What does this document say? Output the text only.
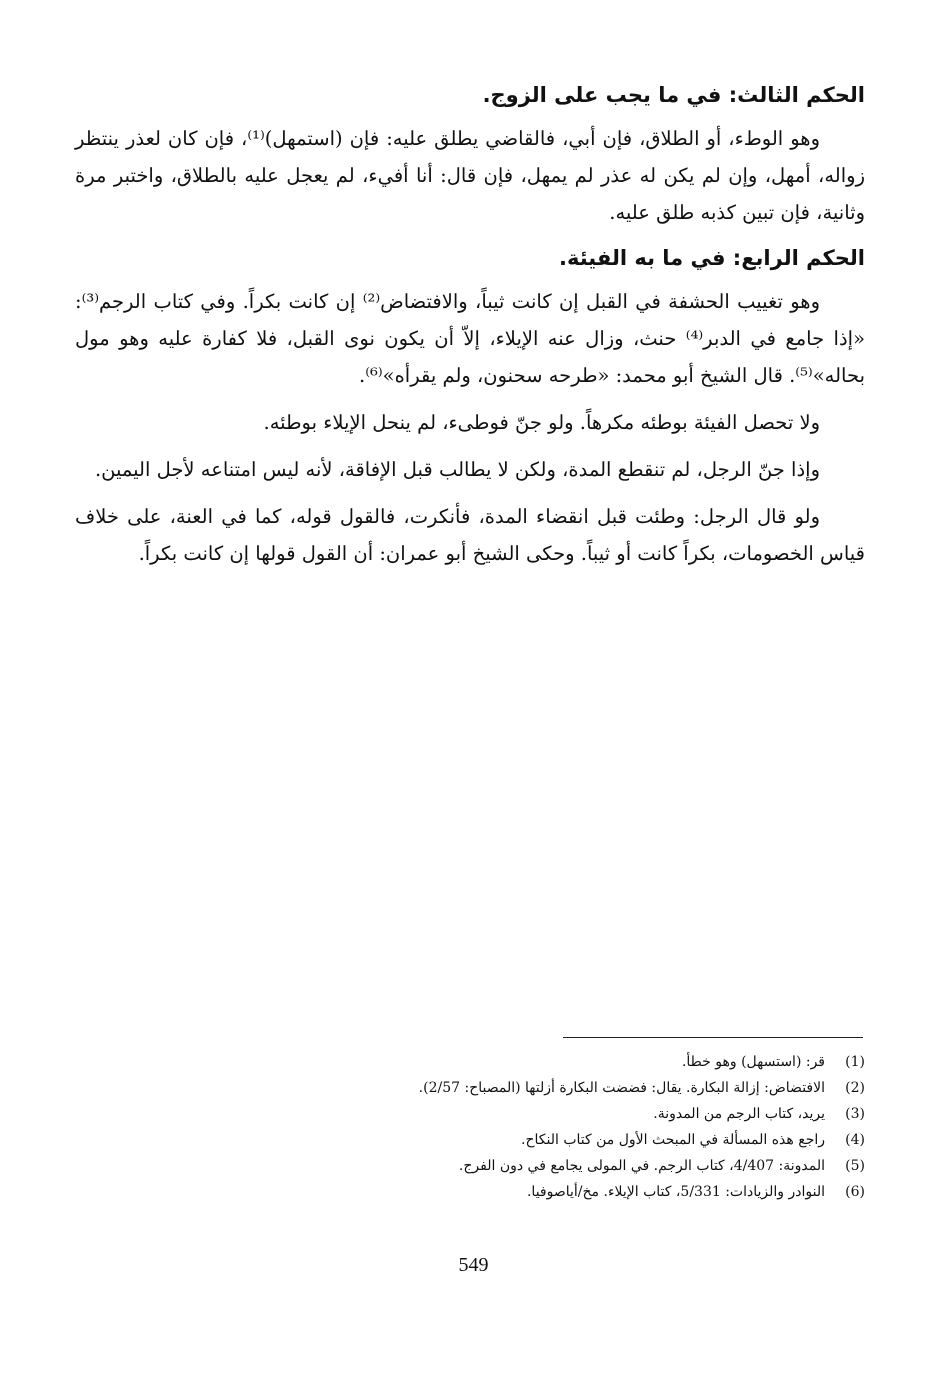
الحكم الثالث: في ما يجب على الزوج.

وهو الوطء، أو الطلاق، فإن أبي، فالقاضي يطلق عليه: فإن (استمهل)⁽¹⁾، فإن كان لعذر ينتظر زواله، أمهل، وإن لم يكن له عذر لم يمهل، فإن قال: أنا أفيء، لم يعجل عليه بالطلاق، واختبر مرة وثانية، فإن تبين كذبه طلق عليه.

الحكم الرابع: في ما به الفيئة.

وهو تغييب الحشفة في القبل إن كانت ثيباً، والافتضاض⁽²⁾ إن كانت بكراً. وفي كتاب الرجم⁽³⁾: «إذا جامع في الدبر⁽⁴⁾ حنث، وزال عنه الإيلاء، إلاّ أن يكون نوى القبل، فلا كفارة عليه وهو مول بحاله»⁽⁵⁾. قال الشيخ أبو محمد: «طرحه سحنون، ولم يقرأه»⁽⁶⁾.

ولا تحصل الفيئة بوطئه مكرهاً. ولو جنّ فوطىء، لم ينحل الإيلاء بوطئه.

وإذا جنّ الرجل، لم تنقطع المدة، ولكن لا يطالب قبل الإفاقة، لأنه ليس امتناعه لأجل اليمين.

ولو قال الرجل: وطئت قبل انقضاء المدة، فأنكرت، فالقول قوله، كما في العنة، على خلاف قياس الخصومات، بكراً كانت أو ثيباً. وحكى الشيخ أبو عمران: أن القول قولها إن كانت بكراً.

(1)
قر: (استسهل) وهو خطأ.
(2)
الافتضاض: إزالة البكارة. يقال: فضضت البكارة أزلتها (المصباح: 2/57).
(3)
يريد، كتاب الرجم من المدونة.
(4)
راجع هذه المسألة في المبحث الأول من كتاب النكاح.
(5)
المدونة: 4/407، كتاب الرجم. في المولى يجامع في دون الفرج.
(6)
النوادر والزيادات: 5/331، كتاب الإيلاء. مخ/أياصوفيا.
549
